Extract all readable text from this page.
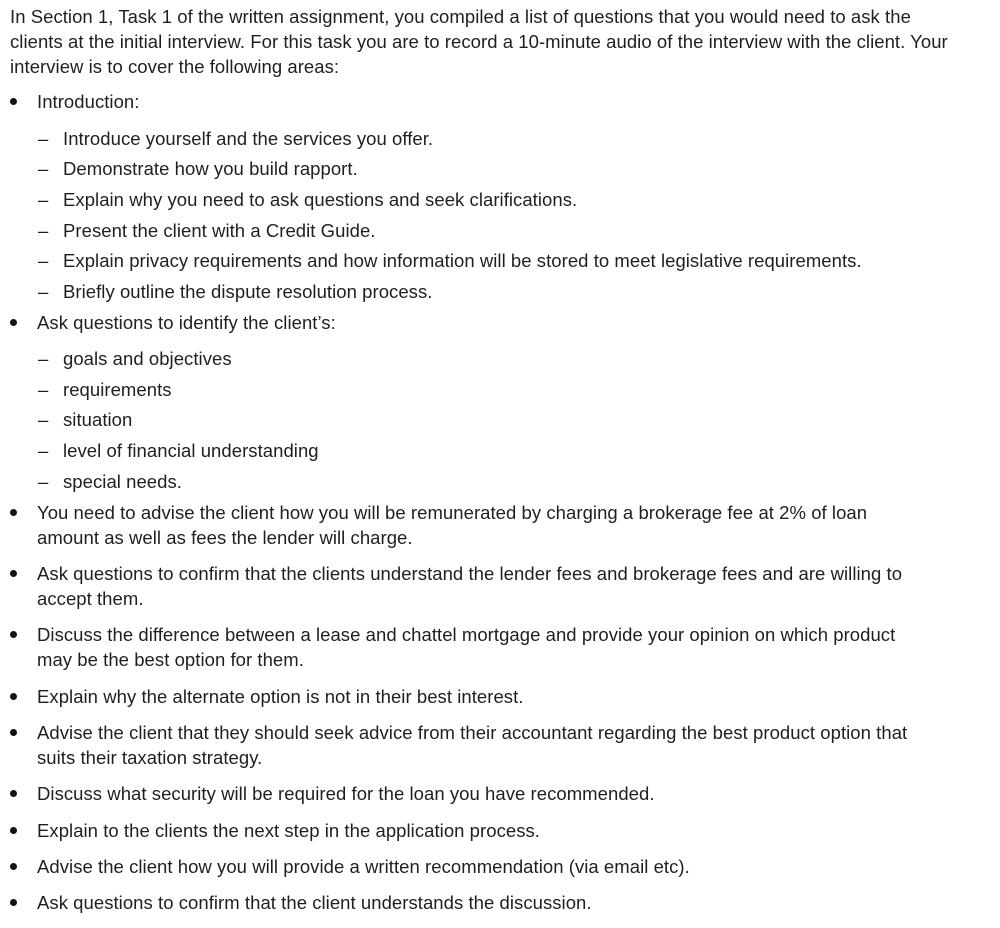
In Section 1, Task 1 of the written assignment, you compiled a list of questions that you would need to ask the clients at the initial interview. For this task you are to record a 10-minute audio of the interview with the client. Your interview is to cover the following areas:

Introduction:
– Introduce yourself and the services you offer.
– Demonstrate how you build rapport.
– Explain why you need to ask questions and seek clarifications.
– Present the client with a Credit Guide.
– Explain privacy requirements and how information will be stored to meet legislative requirements.
– Briefly outline the dispute resolution process.
Ask questions to identify the client’s:
– goals and objectives
– requirements
– situation
– level of financial understanding
– special needs.
You need to advise the client how you will be remunerated by charging a brokerage fee at 2% of loan amount as well as fees the lender will charge.
Ask questions to confirm that the clients understand the lender fees and brokerage fees and are willing to accept them.
Discuss the difference between a lease and chattel mortgage and provide your opinion on which product may be the best option for them.
Explain why the alternate option is not in their best interest.
Advise the client that they should seek advice from their accountant regarding the best product option that suits their taxation strategy.
Discuss what security will be required for the loan you have recommended.
Explain to the clients the next step in the application process.
Advise the client how you will provide a written recommendation (via email etc).
Ask questions to confirm that the client understands the discussion.
